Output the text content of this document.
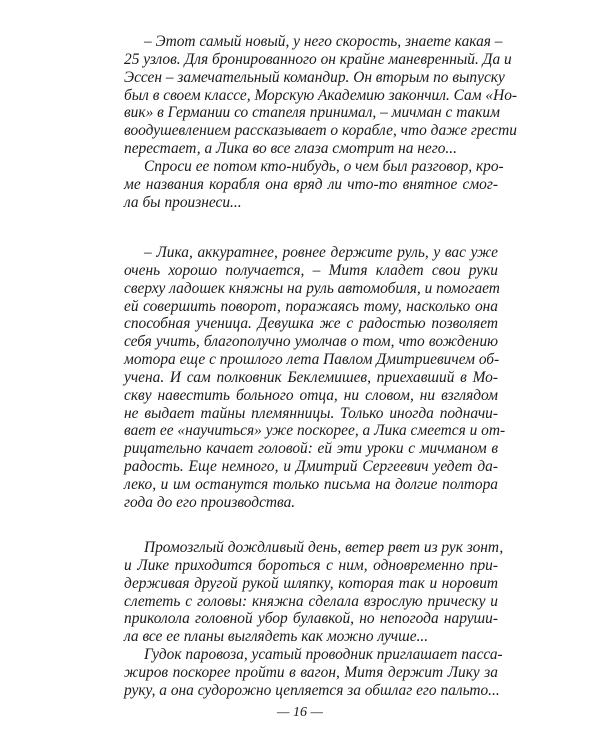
– Этот самый новый, у него скорость, знаете какая –
25 узлов. Для бронированного он крайне маневренный. Да и
Эссен – замечательный командир. Он вторым по выпуску
был в своем классе, Морскую Академию закончил. Сам «Но-
вик» в Германии со стапеля принимал, – мичман с таким
воодушевлением рассказывает о корабле, что даже грести
перестает, а Лика во все глаза смотрит на него...
Спроси ее потом кто-нибудь, о чем был разговор, кро-
ме названия корабля она вряд ли что-то внятное смог-
ла бы произнеси...
– Лика, аккуратнее, ровнее держите руль, у вас уже
очень хорошо получается, – Митя кладет свои руки
сверху ладошек княжны на руль автомобиля, и помогает
ей совершить поворот, поражаясь тому, насколько она
способная ученица. Девушка же с радостью позволяет
себя учить, благополучно умолчав о том, что вождению
мотора еще с прошлого лета Павлом Дмитриевичем об-
учена. И сам полковник Беклемишев, приехавший в Мо-
скву навестить больного отца, ни словом, ни взглядом
не выдает тайны племянницы. Только иногда подначи-
вает ее «научиться» уже поскорее, а Лика смеется и от-
рицательно качает головой: ей эти уроки с мичманом в
радость. Еще немного, и Дмитрий Сергеевич уедет да-
леко, и им останутся только письма на долгие полтора
года до его производства.
Промозглый дождливый день, ветер рвет из рук зонт,
и Лике приходится бороться с ним, одновременно при-
держивая другой рукой шляпку, которая так и норовит
слететь с головы: княжна сделала взрослую прическу и
приколола головной убор булавкой, но непогода наруши-
ла все ее планы выглядеть как можно лучше...
Гудок паровоза, усатый проводник приглашает пасса-
жиров поскорее пройти в вагон, Митя держит Лику за
руку, а она судорожно цепляется за обшлаг его пальто...
— 16 —
